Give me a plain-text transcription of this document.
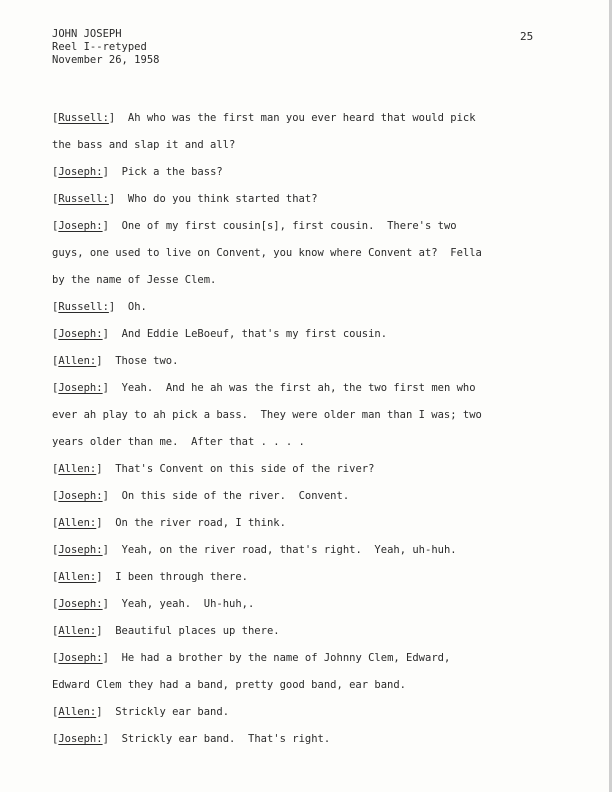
JOHN JOSEPH
Reel I--retyped
November 26, 1958
25
[Russell:]  Ah who was the first man you ever heard that would pick
the bass and slap it and all?
[Joseph:]  Pick a the bass?
[Russell:]  Who do you think started that?
[Joseph:]  One of my first cousin[s], first cousin.  There's two
guys, one used to live on Convent, you know where Convent at?  Fella
by the name of Jesse Clem.
[Russell:]  Oh.
[Joseph:]  And Eddie LeBoeuf, that's my first cousin.
[Allen:]  Those two.
[Joseph:]  Yeah.  And he ah was the first ah, the two first men who
ever ah play to ah pick a bass.  They were older man than I was; two
years older than me.  After that . . . .
[Allen:]  That's Convent on this side of the river?
[Joseph:]  On this side of the river.  Convent.
[Allen:]  On the river road, I think.
[Joseph:]  Yeah, on the river road, that's right.  Yeah, uh-huh.
[Allen:]  I been through there.
[Joseph:]  Yeah, yeah.  Uh-huh,.
[Allen:]  Beautiful places up there.
[Joseph:]  He had a brother by the name of Johnny Clem, Edward,
Edward Clem they had a band, pretty good band, ear band.
[Allen:]  Strickly ear band.
[Joseph:]  Strickly ear band.  That's right.
